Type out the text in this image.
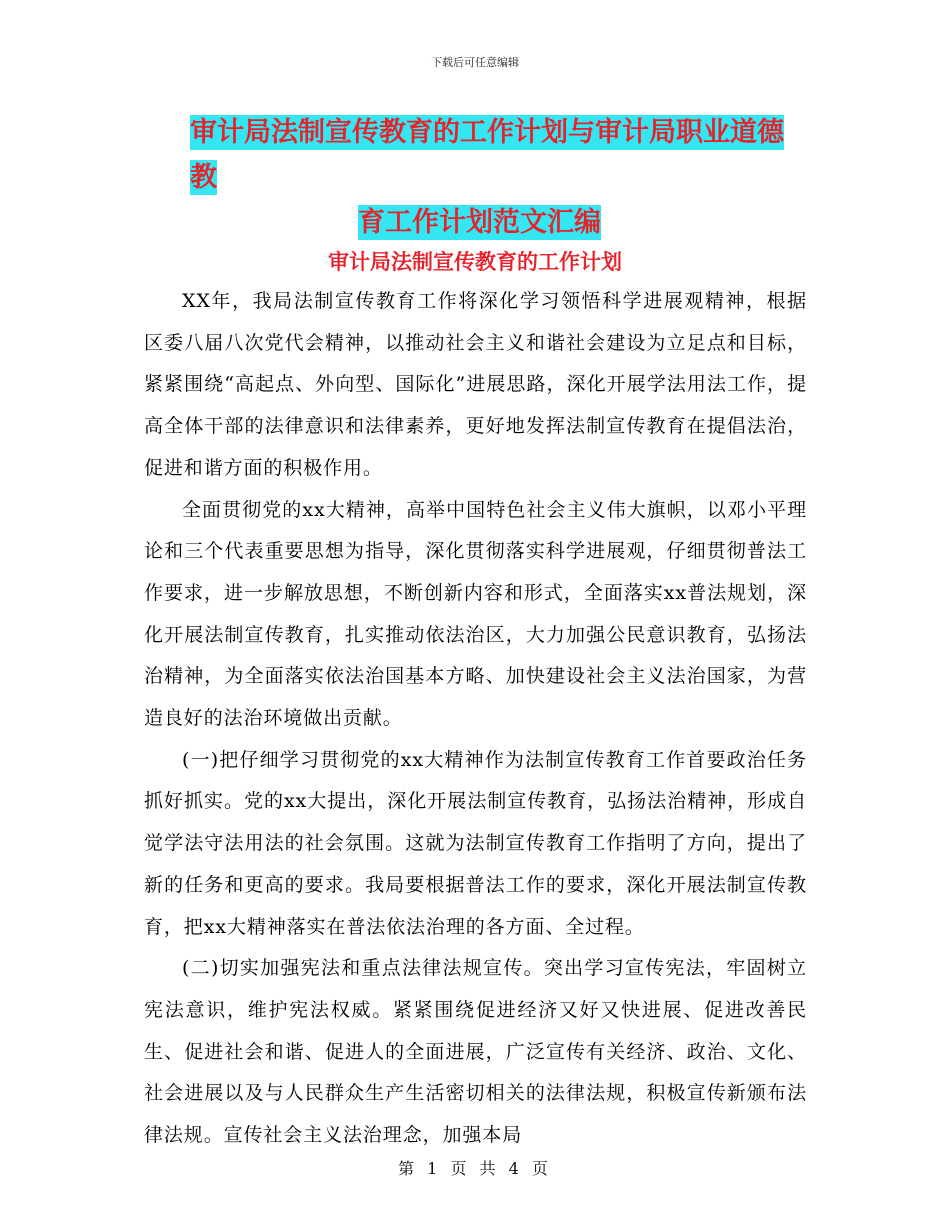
下载后可任意编辑
审计局法制宣传教育的工作计划与审计局职业道德教
育工作计划范文汇编
审计局法制宣传教育的工作计划

XX年，我局法制宣传教育工作将深化学习领悟科学进展观精神，根据区委八届八次党代会精神，以推动社会主义和谐社会建设为立足点和目标，紧紧围绕“高起点、外向型、国际化”进展思路，深化开展学法用法工作，提高全体干部的法律意识和法律素养，更好地发挥法制宣传教育在提倡法治，促进和谐方面的积极作用。

全面贯彻党的xx大精神，高举中国特色社会主义伟大旗帜，以邓小平理论和三个代表重要思想为指导，深化贯彻落实科学进展观，仔细贯彻普法工作要求，进一步解放思想，不断创新内容和形式，全面落实xx普法规划，深化开展法制宣传教育，扎实推动依法治区，大力加强公民意识教育，弘扬法治精神，为全面落实依法治国基本方略、加快建设社会主义法治国家，为营造良好的法治环境做出贡献。

(一)把仔细学习贯彻党的xx大精神作为法制宣传教育工作首要政治任务抓好抓实。党的xx大提出，深化开展法制宣传教育，弘扬法治精神，形成自觉学法守法用法的社会氛围。这就为法制宣传教育工作指明了方向，提出了新的任务和更高的要求。我局要根据普法工作的要求，深化开展法制宣传教育，把xx大精神落实在普法依法治理的各方面、全过程。

(二)切实加强宪法和重点法律法规宣传。突出学习宣传宪法，牢固树立宪法意识，维护宪法权威。紧紧围绕促进经济又好又快进展、促进改善民生、促进社会和谐、促进人的全面进展，广泛宣传有关经济、政治、文化、社会进展以及与人民群众生产生活密切相关的法律法规，积极宣传新颁布法律法规。宣传社会主义法治理念，加强本局

第 1 页 共 4 页
